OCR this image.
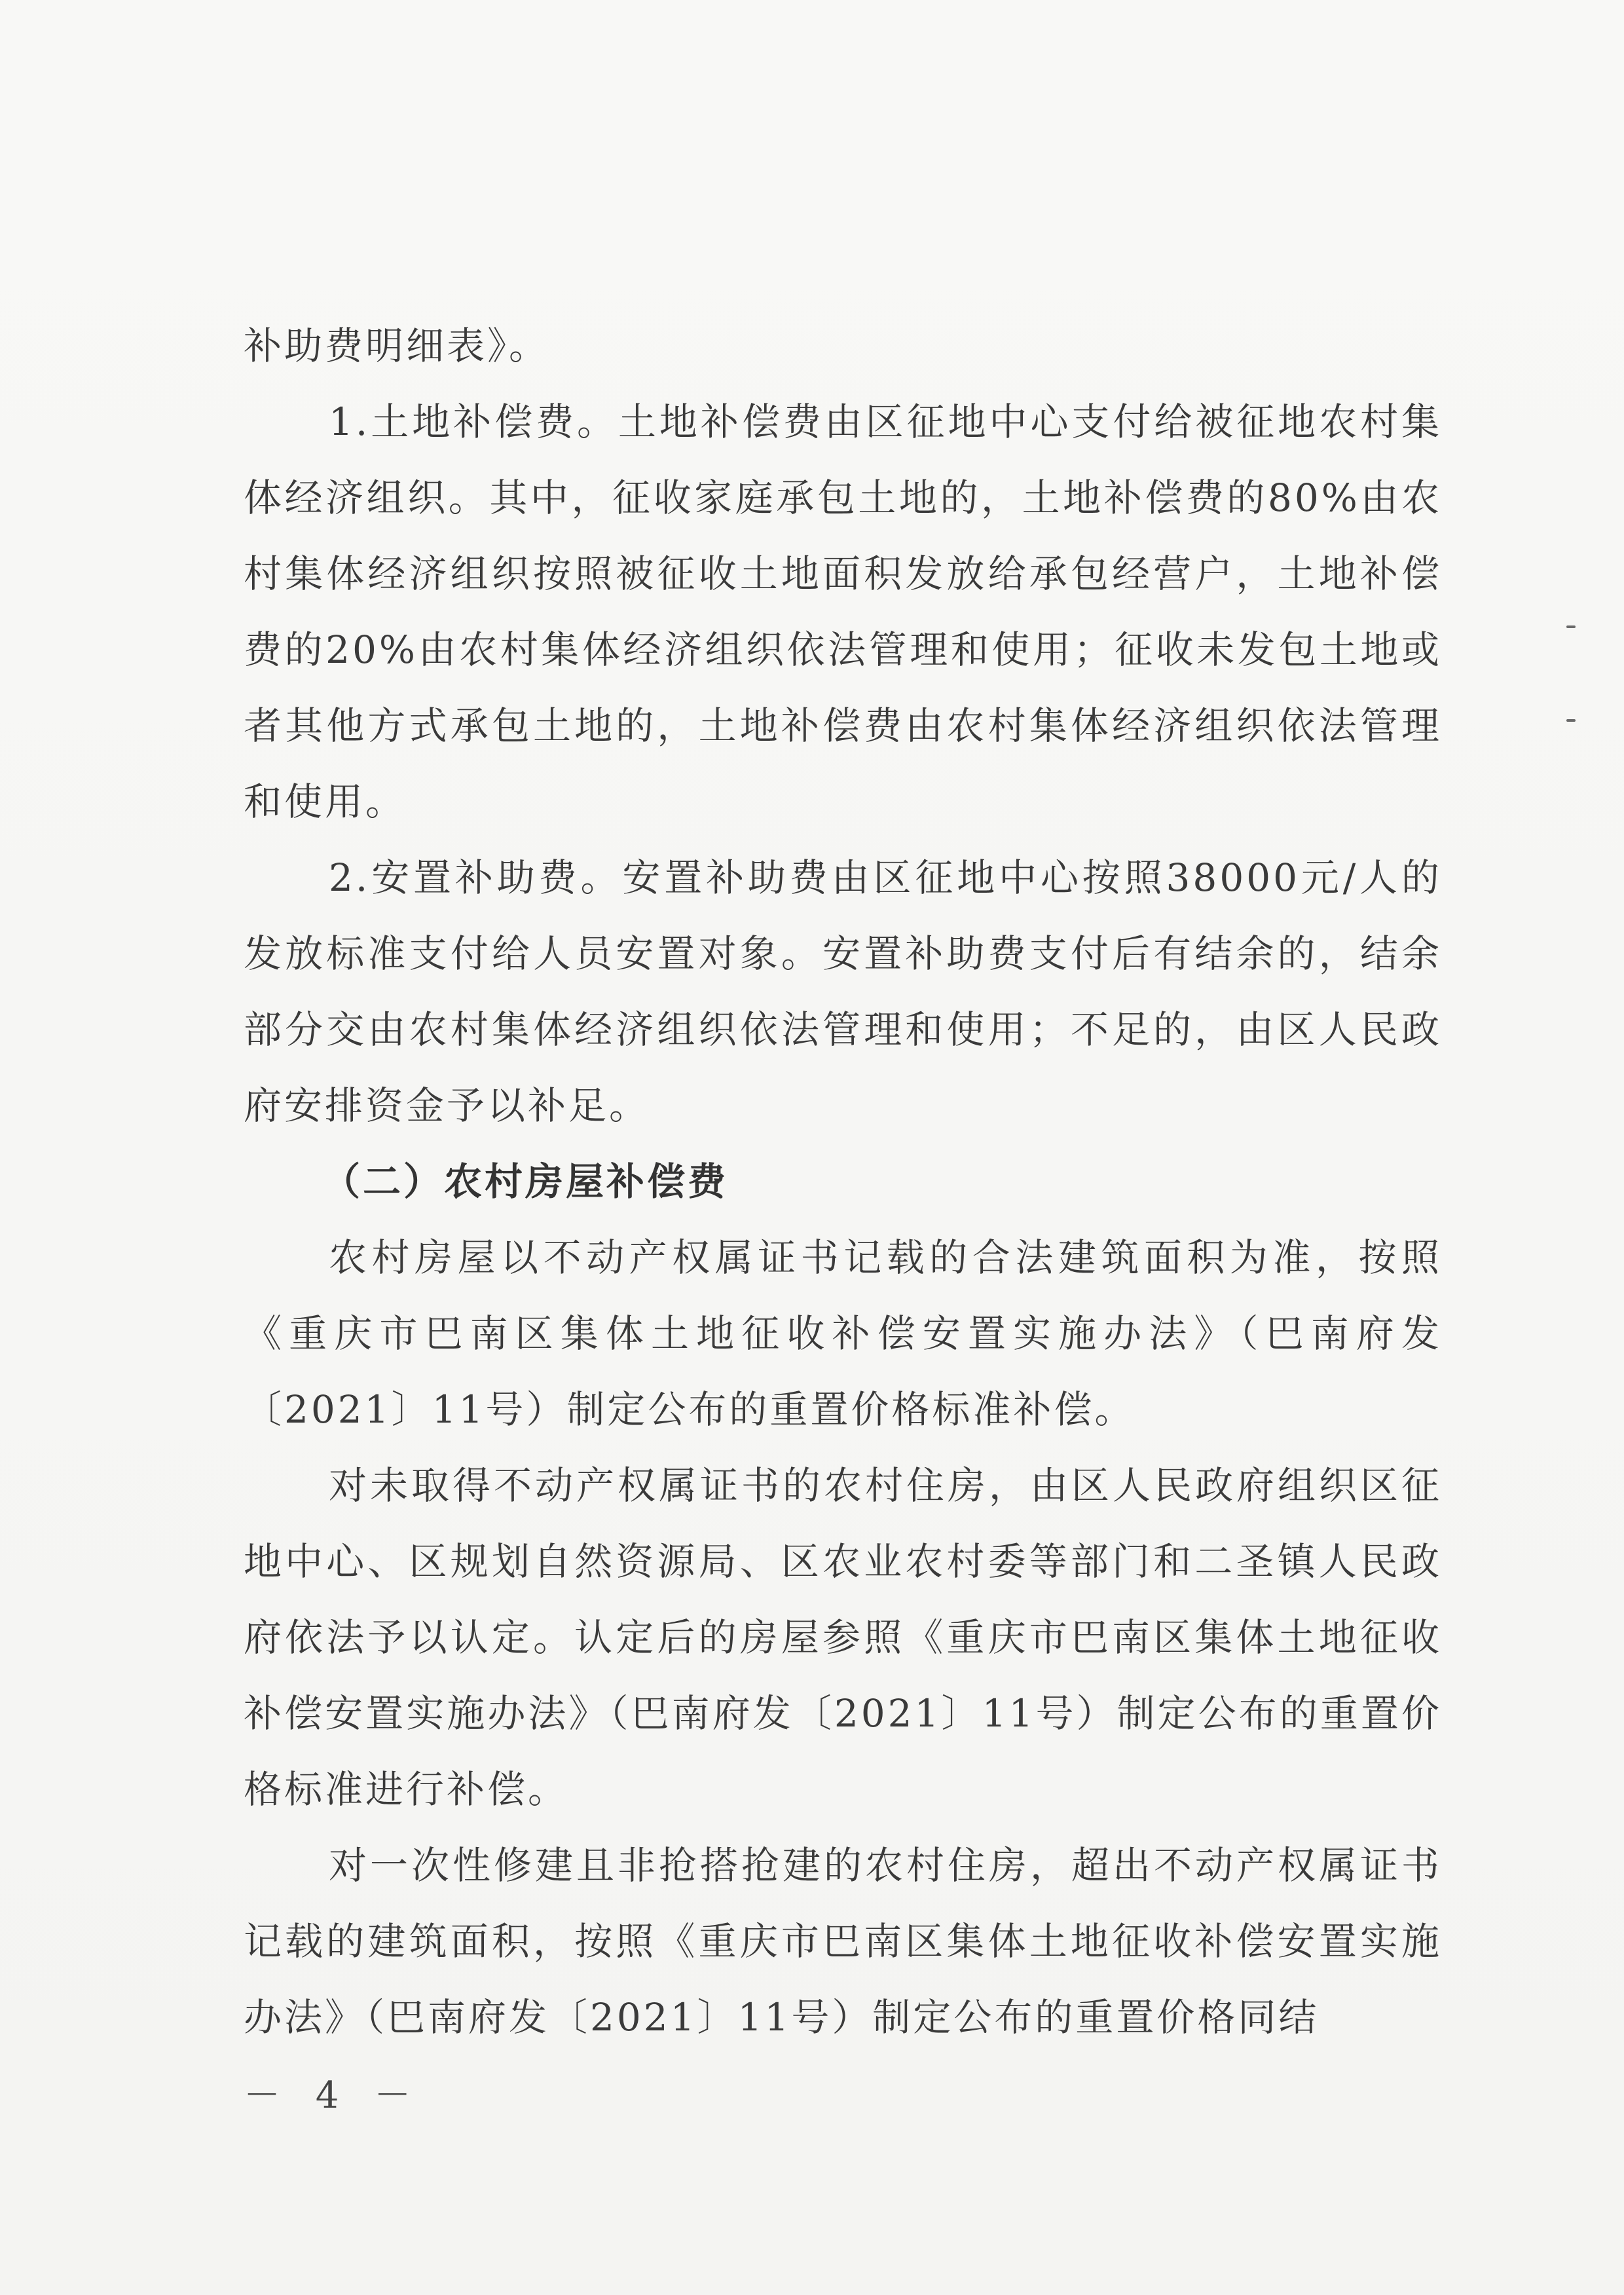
补助费明细表》。

1.土地补偿费。土地补偿费由区征地中心支付给被征地农村集体经济组织。其中，征收家庭承包土地的，土地补偿费的80%由农村集体经济组织按照被征收土地面积发放给承包经营户，土地补偿费的20%由农村集体经济组织依法管理和使用；征收未发包土地或者其他方式承包土地的，土地补偿费由农村集体经济组织依法管理和使用。

2.安置补助费。安置补助费由区征地中心按照38000元/人的发放标准支付给人员安置对象。安置补助费支付后有结余的，结余部分交由农村集体经济组织依法管理和使用；不足的，由区人民政府安排资金予以补足。

（二）农村房屋补偿费

农村房屋以不动产权属证书记载的合法建筑面积为准，按照《重庆市巴南区集体土地征收补偿安置实施办法》（巴南府发〔2021〕11号）制定公布的重置价格标准补偿。

对未取得不动产权属证书的农村住房，由区人民政府组织区征地中心、区规划自然资源局、区农业农村委等部门和二圣镇人民政府依法予以认定。认定后的房屋参照《重庆市巴南区集体土地征收补偿安置实施办法》（巴南府发〔2021〕11号）制定公布的重置价格标准进行补偿。

对一次性修建且非抢搭抢建的农村住房，超出不动产权属证书记载的建筑面积，按照《重庆市巴南区集体土地征收补偿安置实施办法》（巴南府发〔2021〕11号）制定公布的重置价格同结

－ 4 －
